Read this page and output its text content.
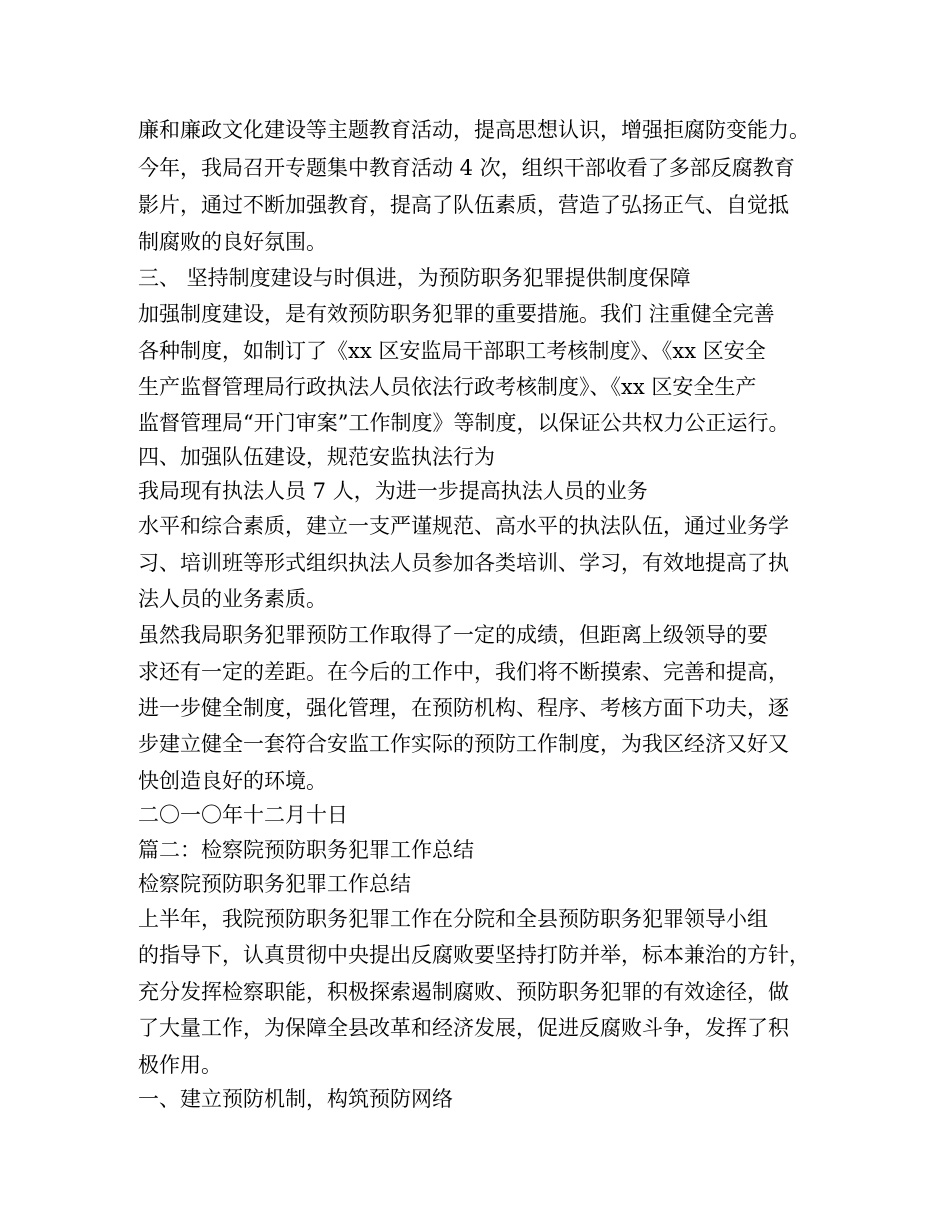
廉和廉政文化建设等主题教育活动，提高思想认识，增强拒腐防变能力。
今年，我局召开专题集中教育活动 4 次，组织干部收看了多部反腐教育
影片，通过不断加强教育，提高了队伍素质，营造了弘扬正气、自觉抵
制腐败的良好氛围。
三、 坚持制度建设与时俱进，为预防职务犯罪提供制度保障
加强制度建设，是有效预防职务犯罪的重要措施。我们 注重健全完善
各种制度，如制订了《xx 区安监局干部职工考核制度》、《xx 区安全
生产监督管理局行政执法人员依法行政考核制度》、《xx 区安全生产
监督管理局“开门审案”工作制度》等制度，以保证公共权力公正运行。
四、加强队伍建设，规范安监执法行为
我局现有执法人员 7 人，为进一步提高执法人员的业务
水平和综合素质，建立一支严谨规范、高水平的执法队伍，通过业务学
习、培训班等形式组织执法人员参加各类培训、学习，有效地提高了执
法人员的业务素质。
虽然我局职务犯罪预防工作取得了一定的成绩，但距离上级领导的要
求还有一定的差距。在今后的工作中，我们将不断摸索、完善和提高，
进一步健全制度，强化管理，在预防机构、程序、考核方面下功夫，逐
步建立健全一套符合安监工作实际的预防工作制度，为我区经济又好又
快创造良好的环境。
二〇一〇年十二月十日
篇二：检察院预防职务犯罪工作总结
检察院预防职务犯罪工作总结
上半年，我院预防职务犯罪工作在分院和全县预防职务犯罪领导小组
的指导下，认真贯彻中央提出反腐败要坚持打防并举，标本兼治的方针，
充分发挥检察职能，积极探索遏制腐败、预防职务犯罪的有效途径，做
了大量工作，为保障全县改革和经济发展，促进反腐败斗争，发挥了积
极作用。
一、建立预防机制，构筑预防网络
